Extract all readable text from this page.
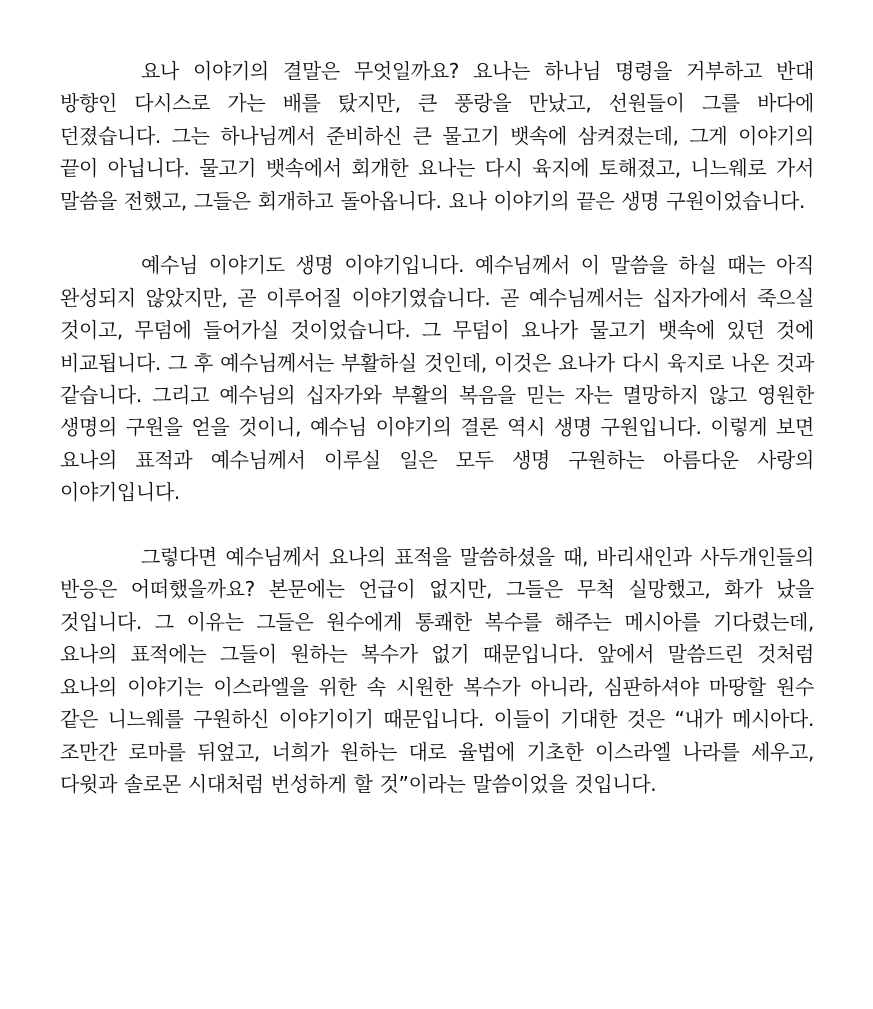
요나 이야기의 결말은 무엇일까요? 요나는 하나님 명령을 거부하고 반대 방향인 다시스로 가는 배를 탔지만, 큰 풍랑을 만났고, 선원들이 그를 바다에 던졌습니다. 그는 하나님께서 준비하신 큰 물고기 뱃속에 삼켜졌는데, 그게 이야기의 끝이 아닙니다. 물고기 뱃속에서 회개한 요나는 다시 육지에 토해졌고, 니느웨로 가서 말씀을 전했고, 그들은 회개하고 돌아옵니다. 요나 이야기의 끝은 생명 구원이었습니다.

예수님 이야기도 생명 이야기입니다. 예수님께서 이 말씀을 하실 때는 아직 완성되지 않았지만, 곧 이루어질 이야기였습니다. 곧 예수님께서는 십자가에서 죽으실 것이고, 무덤에 들어가실 것이었습니다. 그 무덤이 요나가 물고기 뱃속에 있던 것에 비교됩니다. 그 후 예수님께서는 부활하실 것인데, 이것은 요나가 다시 육지로 나온 것과 같습니다. 그리고 예수님의 십자가와 부활의 복음을 믿는 자는 멸망하지 않고 영원한 생명의 구원을 얻을 것이니, 예수님 이야기의 결론 역시 생명 구원입니다. 이렇게 보면 요나의 표적과 예수님께서 이루실 일은 모두 생명 구원하는 아름다운 사랑의 이야기입니다.

그렇다면 예수님께서 요나의 표적을 말씀하셨을 때, 바리새인과 사두개인들의 반응은 어떠했을까요? 본문에는 언급이 없지만, 그들은 무척 실망했고, 화가 났을 것입니다. 그 이유는 그들은 원수에게 통쾌한 복수를 해주는 메시아를 기다렸는데, 요나의 표적에는 그들이 원하는 복수가 없기 때문입니다. 앞에서 말씀드린 것처럼 요나의 이야기는 이스라엘을 위한 속 시원한 복수가 아니라, 심판하셔야 마땅할 원수 같은 니느웨를 구원하신 이야기이기 때문입니다. 이들이 기대한 것은 “내가 메시아다. 조만간 로마를 뒤엎고, 너희가 원하는 대로 율법에 기초한 이스라엘 나라를 세우고, 다윗과 솔로몬 시대처럼 번성하게 할 것”이라는 말씀이었을 것입니다.
